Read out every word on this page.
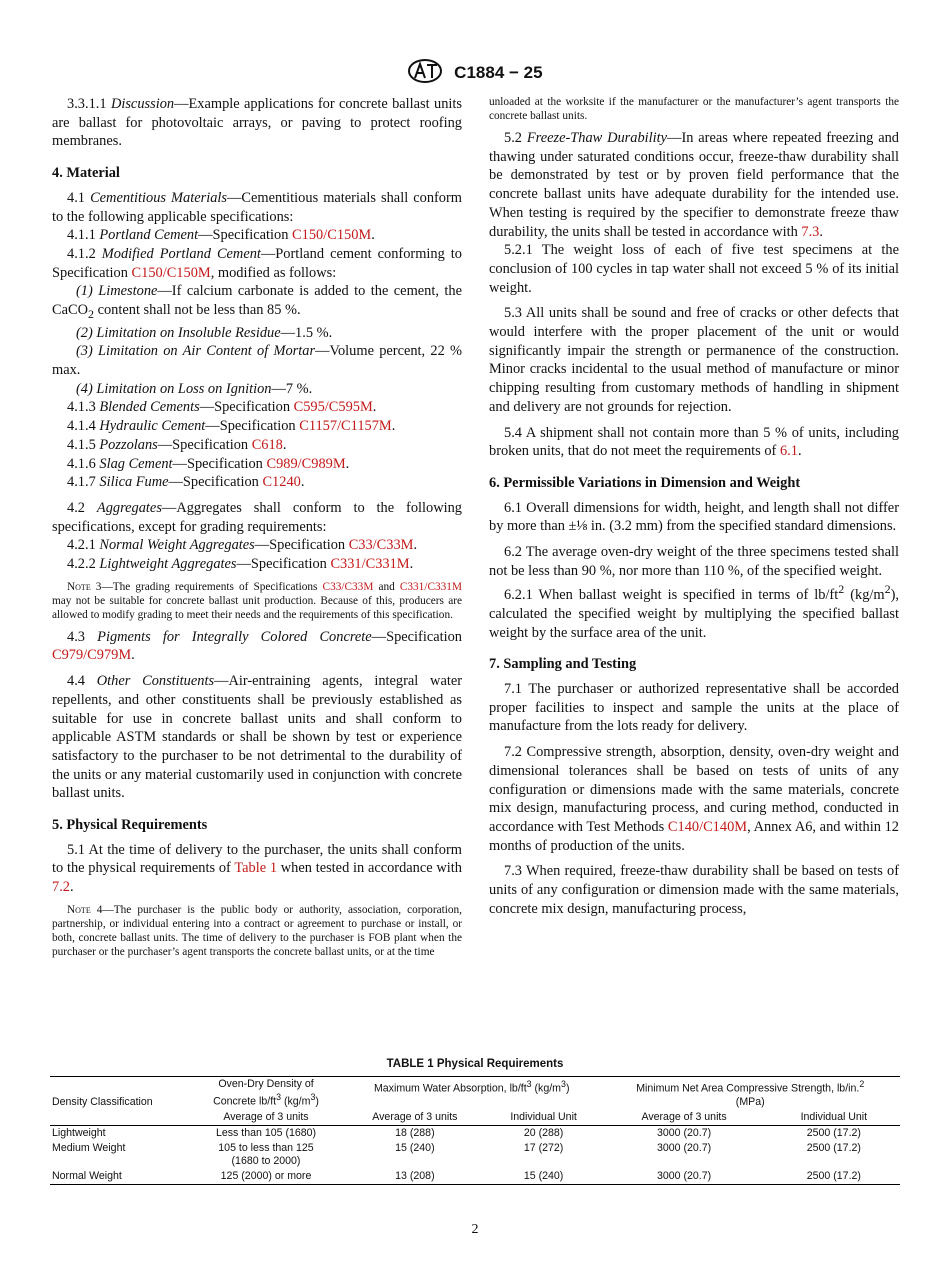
C1884 − 25

3.3.1.1 Discussion—Example applications for concrete ballast units are ballast for photovoltaic arrays, or paving to protect roofing membranes.

4. Material

4.1 Cementitious Materials—Cementitious materials shall conform to the following applicable specifications:

4.1.1 Portland Cement—Specification C150/C150M.

4.1.2 Modified Portland Cement—Portland cement conforming to Specification C150/C150M, modified as follows:

(1) Limestone—If calcium carbonate is added to the cement, the CaCO$_2$ content shall not be less than 85 %.

(2) Limitation on Insoluble Residue—1.5 %.

(3) Limitation on Air Content of Mortar—Volume percent, 22 % max.

(4) Limitation on Loss on Ignition—7 %.

4.1.3 Blended Cements—Specification C595/C595M.

4.1.4 Hydraulic Cement—Specification C1157/C1157M.

4.1.5 Pozzolans—Specification C618.

4.1.6 Slag Cement—Specification C989/C989M.

4.1.7 Silica Fume—Specification C1240.

4.2 Aggregates—Aggregates shall conform to the following specifications, except for grading requirements:

4.2.1 Normal Weight Aggregates—Specification C33/C33M.

4.2.2 Lightweight Aggregates—Specification C331/C331M.

Note 3—The grading requirements of Specifications C33/C33M and C331/C331M may not be suitable for concrete ballast unit production. Because of this, producers are allowed to modify grading to meet their needs and the requirements of this specification.

4.3 Pigments for Integrally Colored Concrete—Specification C979/C979M.

4.4 Other Constituents—Air-entraining agents, integral water repellents, and other constituents shall be previously established as suitable for use in concrete ballast units and shall conform to applicable ASTM standards or shall be shown by test or experience satisfactory to the purchaser to be not detrimental to the durability of the units or any material customarily used in conjunction with concrete ballast units.

5. Physical Requirements

5.1 At the time of delivery to the purchaser, the units shall conform to the physical requirements of Table 1 when tested in accordance with 7.2.

Note 4—The purchaser is the public body or authority, association, corporation, partnership, or individual entering into a contract or agreement to purchase or install, or both, concrete ballast units. The time of delivery to the purchaser is FOB plant when the purchaser or the purchaser’s agent transports the concrete ballast units, or at the time

unloaded at the worksite if the manufacturer or the manufacturer’s agent transports the concrete ballast units.

5.2 Freeze-Thaw Durability—In areas where repeated freezing and thawing under saturated conditions occur, freeze-thaw durability shall be demonstrated by test or by proven field performance that the concrete ballast units have adequate durability for the intended use. When testing is required by the specifier to demonstrate freeze thaw durability, the units shall be tested in accordance with 7.3.

5.2.1 The weight loss of each of five test specimens at the conclusion of 100 cycles in tap water shall not exceed 5 % of its initial weight.

5.3 All units shall be sound and free of cracks or other defects that would interfere with the proper placement of the unit or would significantly impair the strength or permanence of the construction. Minor cracks incidental to the usual method of manufacture or minor chipping resulting from customary methods of handling in shipment and delivery are not grounds for rejection.

5.4 A shipment shall not contain more than 5 % of units, including broken units, that do not meet the requirements of 6.1.

6. Permissible Variations in Dimension and Weight

6.1 Overall dimensions for width, height, and length shall not differ by more than ±⅛ in. (3.2 mm) from the specified standard dimensions.

6.2 The average oven-dry weight of the three specimens tested shall not be less than 90 %, nor more than 110 %, of the specified weight.

6.2.1 When ballast weight is specified in terms of $lb/ft^2$ $(kg/m^2)$, calculated the specified weight by multiplying the specified ballast weight by the surface area of the unit.

7. Sampling and Testing

7.1 The purchaser or authorized representative shall be accorded proper facilities to inspect and sample the units at the place of manufacture from the lots ready for delivery.

7.2 Compressive strength, absorption, density, oven-dry weight and dimensional tolerances shall be based on tests of units of any configuration or dimensions made with the same materials, concrete mix design, manufacturing process, and curing method, conducted in accordance with Test Methods C140/C140M, Annex A6, and within 12 months of production of the units.

7.3 When required, freeze-thaw durability shall be based on tests of units of any configuration or dimension made with the same materials, concrete mix design, manufacturing process,

TABLE 1 Physical Requirements
Density Classification	Oven-Dry Density of
Concrete $lb/ft^3$ $(kg/m^3)$	Maximum Water Absorption, $lb/ft^3$ $(kg/m^3)$		Minimum Net Area Compressive Strength, lb/in.$^2$
(MPa)	
	Average of 3 units	Average of 3 units	Individual Unit	Average of 3 units	Individual Unit
Lightweight	Less than 105 (1680)	18 (288)	20 (288)	3000 (20.7)	2500 (17.2)
Medium Weight	105 to less than 125
(1680 to 2000)	15 (240)	17 (272)	3000 (20.7)	2500 (17.2)
Normal Weight	125 (2000) or more	13 (208)	15 (240)	3000 (20.7)	2500 (17.2)
2
